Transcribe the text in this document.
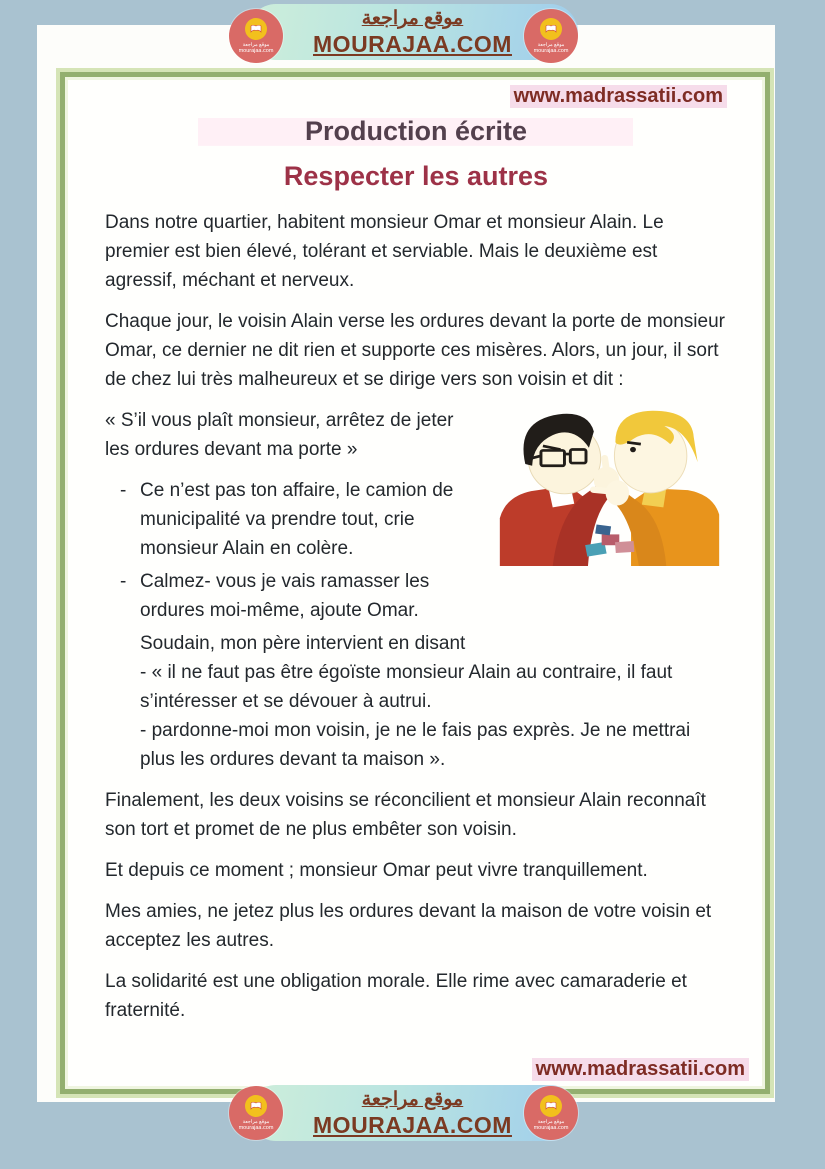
www.madrassatii.com
Production écrite
Respecter les autres

Dans notre quartier, habitent monsieur Omar et monsieur Alain. Le premier est bien élevé, tolérant et serviable. Mais le deuxième est agressif, méchant et nerveux.

Chaque jour, le voisin Alain verse les ordures devant la porte de monsieur Omar, ce dernier ne dit rien et supporte ces misères. Alors, un jour, il sort de chez lui très malheureux et se dirige vers son voisin et dit :

« S’il vous plaît monsieur, arrêtez de jeter les ordures devant ma porte »

- Ce n’est pas ton affaire, le camion de municipalité va prendre tout, crie monsieur Alain en colère.

- Calmez- vous je vais ramasser les ordures moi-même, ajoute Omar.

Soudain, mon père intervient en disant

- « il ne faut pas être égoïste monsieur Alain au contraire, il faut s’intéresser et se dévouer à autrui.

- pardonne-moi mon voisin, je ne le fais pas exprès. Je ne mettrai plus les ordures devant ta maison ».

Finalement, les deux voisins se réconcilient et monsieur Alain reconnaît son tort et promet de ne plus embêter son voisin.

Et depuis ce moment ; monsieur Omar peut vivre tranquillement.

Mes amies, ne jetez plus les ordures devant la maison de votre voisin et acceptez les autres.

La solidarité est une obligation morale. Elle rime avec camaraderie et fraternité.

www.madrassatii.com
موقع مراجعة
MOURAJAA.COM
موقع مراجعة
MOURAJAA.COM
موقع مراجعة
mourajaa.com
موقع مراجعة
mourajaa.com
موقع مراجعة
mourajaa.com
موقع مراجعة
mourajaa.com
